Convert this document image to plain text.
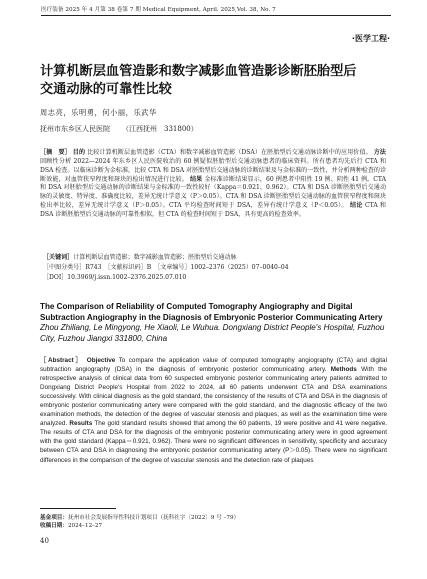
医疗装备 2025 年 4 月第 38 卷第 7 期 Medical Equipment, April. 2025,Vol. 38, No. 7
·医学工程·
计算机断层血管造影和数字减影血管造影诊断胚胎型后交通动脉的可靠性比较
周志亮，乐明勇，何小丽，乐武华
抚州市东乡区人民医院 （江西抚州　331800）
［摘　要］ 目的 比较计算机断层血管造影（CTA）和数字减影血管造影（DSA）在胚胎型后交通动脉诊断中的应用价值。 方法 回顾性分析 2022—2024 年东乡区人民医院收治的 60 例疑似胚胎型后交通动脉患者的临床资料。所有患者均先后行 CTA 和 DSA 检查。以临床诊断为金标准，比较 CTA 和 DSA 对胚胎型后交通动脉的诊断结果及与金标准的一致性，并分析两种检查的诊断效能，对血管狭窄程度和斑块的检出情况进行比较。 结果 金标准诊断结果显示，60 例患者中阳性 19 例、阴性 41 例。CTA 和 DSA 对胚胎型后交通动脉的诊断结果与金标准的一致性较好（Kappa＝0.921、0.962）。CTA 和 DSA 诊断胚胎型后交通动脉的灵敏度、特异度、准确度比较，差异无统计学意义（P＞0.05）。CTA 和 DSA 诊断胚胎型后交通动脉的血管狭窄程度和斑块检出率比较，差异无统计学意义（P＞0.05）。CTA 平均检查时间短于 DSA，差异有统计学意义（P＜0.05）。 结论 CTA 和 DSA 诊断胚胎型后交通动脉的可靠性相似，但 CTA 的检查时间短于 DSA，具有更高的检查效率。
［关键词］计算机断层血管造影；数字减影血管造影；胚胎型后交通动脉
［中图分类号］R743　［文献标识码］B　［文章编号］1002–2376（2025）07–0040–04
［DOI］10.3969/j.issn.1002–2376.2025.07.010
The Comparison of Reliability of Computed Tomography Angiography and Digital Subtraction Angiography in the Diagnosis of Embryonic Posterior Communicating Artery Zhou Zhiliang, Le Mingyong, He Xiaoli, Le Wuhua. Dongxiang District People's Hospital, Fuzhou City, Fuzhou Jiangxi 331800, China
［Abstract］ Objective To compare the application value of computed tomography angiography (CTA) and digital subtraction angiography (DSA) in the diagnosis of embryonic posterior communicating artery. Methods With the retrospective analysis of clinical data from 60 suspected embryonic posterior communicating artery patients admitted to Dongxiang District People's Hospital from 2022 to 2024, all 60 patients underwent CTA and DSA examinations successively. With clinical diagnosis as the gold standard, the consistency of the results of CTA and DSA in the diagnosis of embryonic posterior communicating artery were compared with the gold standard, and the diagnostic efficacy of the two examination methods, the detection of the degree of vascular stenosis and plaques, as well as the examination time were analyzed. Results The gold standard results showed that among the 60 patients, 19 were positive and 41 were negative. The results of CTA and DSA for the diagnosis of the embryonic posterior communicating artery were in good agreement with the gold standard (Kappa＝0.921, 0.962). There were no significant differences in sensitivity, specificity and accuracy between CTA and DSA in diagnosing the embryonic posterior communicating artery (P＞0.05). There were no significant differences in the comparison of the degree of vascular stenosis and the detection rate of plaques
基金项目：抚州市社会发展指导性科技计划项目（抚科社字〔2022〕9 号 –79）
收稿日期：2024–12–27
40
